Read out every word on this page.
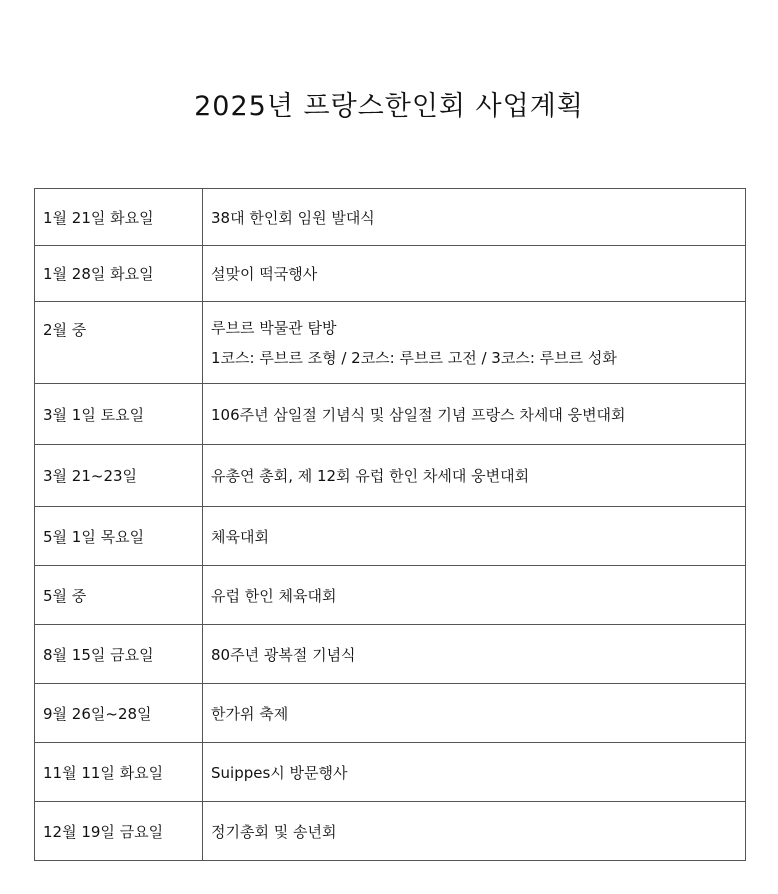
2025년 프랑스한인회 사업계획
1월 21일 화요일	38대 한인회 임원 발대식
1월 28일 화요일	설맞이 떡국행사
2월 중	루브르 박물관 탐방
1코스: 루브르 조형 / 2코스: 루브르 고전 / 3코스: 루브르 성화

3월 1일 토요일	106주년 삼일절 기념식 및 삼일절 기념 프랑스 차세대 웅변대회
3월 21~23일	유총연 총회, 제 12회 유럽 한인 차세대 웅변대회
5월 1일 목요일	체육대회
5월 중	유럽 한인 체육대회
8월 15일 금요일	80주년 광복절 기념식
9월 26일~28일	한가위 축제
11월 11일 화요일	Suippes시 방문행사
12월 19일 금요일	정기총회 및 송년회
